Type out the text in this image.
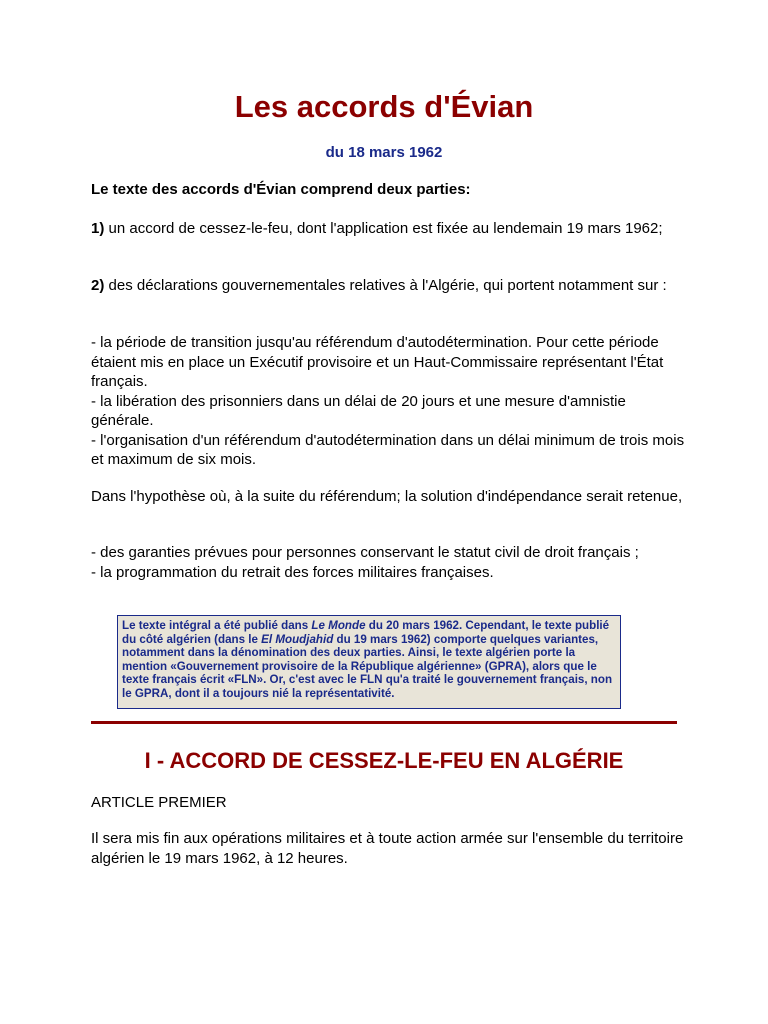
Les accords d'Évian
du 18 mars 1962

Le texte des accords d'Évian comprend deux parties:

1) un accord de cessez-le-feu, dont l'application est fixée au lendemain 19 mars 1962;

2) des déclarations gouvernementales relatives à l'Algérie, qui portent notamment sur :

- la période de transition jusqu'au référendum d'autodétermination. Pour cette période étaient mis en place un Exécutif provisoire et un Haut-Commissaire représentant l'État français.
- la libération des prisonniers dans un délai de 20 jours et une mesure d'amnistie générale.
- l'organisation d'un référendum d'autodétermination dans un délai minimum de trois mois et maximum de six mois.

Dans l'hypothèse où, à la suite du référendum; la solution d'indépendance serait retenue,

- des garanties prévues pour personnes conservant le statut civil de droit français ;
- la programmation du retrait des forces militaires françaises.

Le texte intégral a été publié dans Le Monde du 20 mars 1962. Cependant, le texte publié du côté algérien (dans le El Moudjahid du 19 mars 1962) comporte quelques variantes, notamment dans la dénomination des deux parties. Ainsi, le texte algérien porte la mention «Gouvernement provisoire de la République algérienne» (GPRA), alors que le texte français écrit «FLN». Or, c'est avec le FLN qu'a traité le gouvernement français, non le GPRA, dont il a toujours nié la représentativité.
I - ACCORD DE CESSEZ-LE-FEU EN ALGÉRIE

ARTICLE PREMIER

Il sera mis fin aux opérations militaires et à toute action armée sur l'ensemble du territoire algérien le 19 mars 1962, à 12 heures.
